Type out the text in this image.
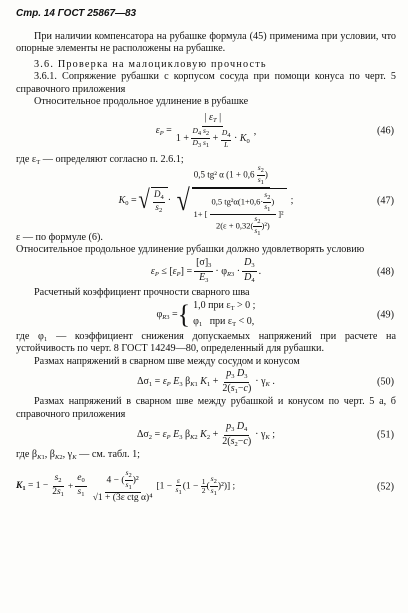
Стр. 14 ГОСТ 25867—83

При наличии компенсатора на рубашке формула (45) применима при условии, что опорные элементы не расположены на рубашке.

3.6. Проверка на малоцикловую прочность

3.6.1. Сопряжение рубашки с корпусом сосуда при помощи конуса по черт. 5 справочного приложения

Относительное продольное удлинение в рубашке

$\varepsilon_P = \frac{| \varepsilon_T |}{1 + \frac{D_4 s_2}{D_3 s_1} + \frac{D_4}{L} \cdot K_0}$ ,	(46)

где $\varepsilon_T$ — определяют согласно п. 2.6.1;

$K_0$ = √ $D_4$
$s_2$
· $\frac{0,5 tg^2 \alpha (1 + 0,6 \frac{s_2}{s_1} )}{√ 1+ [ \frac{0,5 tg^2\alpha(1+0,6\cdot \frac{s_2}{s_1} )}{2(\varepsilon + 0,32( \frac{s_2}{s_1} )^2)} ]^2}$ ;	(47)

ε — по формуле (6).

Относительное продольное удлинение рубашки должно удовлетворять условию

$\varepsilon_P \le [\varepsilon_P] = \frac{[\sigma]_3}{E_3} \cdot \varphi_{R3} \cdot \frac{D_3}{D_4}$ .	(48)

Расчетный коэффициент прочности сварного шва

$\varphi_{R3}$ = { 1,0 при $\varepsilon_T > 0$ ;
$\varphi_1$ при $\varepsilon_T < 0$,
(49)

где φ₁ — коэффициент снижения допускаемых напряжений при расчете на устойчивость по черт. 8 ГОСТ 14249—80, определенный для рубашки.

Размах напряжений в сварном шве между сосудом и конусом

$\Delta\sigma_1 = \varepsilon_P$ $E_3$ $\beta_{K1}$ $K_1 + \frac{p_3 D_3}{2(s_1-c)} \cdot \gamma_K$ .	(50)

Размах напряжений в сварном шве между рубашкой и конусом по черт. 5 а, б справочного приложения

$\Delta\sigma_2 = \varepsilon_P$ $E_3$ $\beta_{K2}$ $K_2 + \frac{p_3 D_4}{2(s_2-c)} \cdot \gamma_K$ ;	(51)

где $\beta_{K1}$, $\beta_{K2}$, $\gamma_K$ — см. табл. 1;

$K_1 = 1 - \frac{s_2}{2s_1} + \frac{e_0}{s_1} \frac{4 - ( \frac{s_2}{s_1} )^2}{\text{√1 + (3ε ctg α)⁴}} [1 - \frac{\varepsilon}{s_1} (1 - \frac{1}{2}$ ( $\frac{s_2}{s_1} )^2$)] ;	(52)
